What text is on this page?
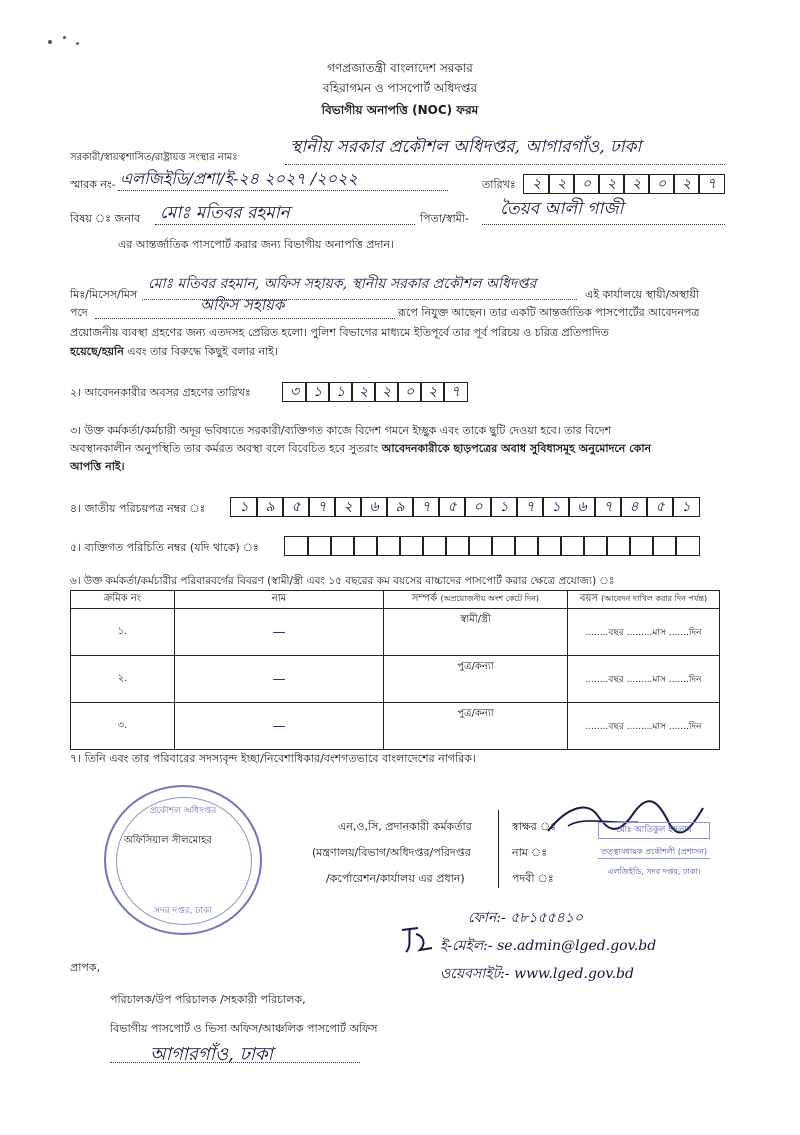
গণপ্রজাতন্ত্রী বাংলাদেশ সরকার
বহিরাগমন ও পাসপোর্ট অধিদপ্তর
বিভাগীয় অনাপত্তি (NOC) ফরম
সরকারী/স্বায়ত্বশাসিত/রাষ্ট্রায়ত্ত সংস্থার নামঃ
স্থানীয় সরকার প্রকৌশল অধিদপ্তর, আগারগাঁও, ঢাকা
স্মারক নং- এলজিইডি/প্রশা/ই-২৪ ২০২৭ /২০২২	তারিখঃ	২	২	০	২	২	০	২	৭
বিষয় ঃ জনাব মোঃ মতিবর রহমান	পিতা/স্বামী- তৈয়ব আলী গাজী
এর আন্তর্জাতিক পাসপোর্ট করার জন্য বিভাগীয় অনাপত্তি প্রদান।
মিঃ/মিসেস/মিস
মোঃ মতিবর রহমান, অফিস সহায়ক, স্থানীয় সরকার প্রকৌশল অধিদপ্তর
এই কার্যালয়ে স্থায়ী/অস্থায়ী
পদে	অফিস সহায়ক	রূপে নিযুক্ত আছেন। তার একটি আন্তর্জাতিক পাসপোর্টের আবেদনপত্র
প্রয়োজনীয় ব্যবস্থা গ্রহণের জন্য এতদসহ প্রেরিত হলো। পুলিশ বিভাগের মাধ্যমে ইতিপূর্বে তার পূর্ব পরিচয় ও চরিত্র প্রতিপাদিত
হয়েছে/হয়নি এবং তার বিরুদ্ধে কিছুই বলার নাই।
২। আবেদনকারীর অবসর গ্রহণের তারিখঃ	৩ ১ ১ ২ ২ ০ ২ ৭
৩। উক্ত কর্মকর্তা/কর্মচারী অদূর ভবিষ্যতে সরকারী/ব্যক্তিগত কাজে বিদেশ গমনে ইচ্ছুক এবং তাকে ছুটি দেওয়া হবে। তার বিদেশ
অবস্থানকালীন অনুপস্থিতি তার কর্মরত অবস্থা বলে বিবেচিত হবে সুতরাং আবেদনকারীকে ছাড়পত্রের অবাধ সুবিধাসমূহ অনুমোদনে কোন
আপত্তি নাই।
৪। জাতীয় পরিচয়পত্র নম্বর ঃ	১	৯	৫	৭	২	৬	৯	৭	৫	০	১	৭	১	৬	৭	৪	৫	১
৫। ব্যক্তিগত পরিচিতি নম্বর (যদি থাকে) ঃ
৬। উক্ত কর্মকর্তা/কর্মচারীর পরিবারবর্গের বিবরণ (স্বামী/স্ত্রী এবং ১৫ বছরের কম বয়সের বাচ্চাদের পাসপোর্ট করার ক্ষেত্রে প্রযোজ্য) ঃ
ক্রমিক নং	নাম	সম্পর্ক (অপ্রয়োজনীয় অংশ কেটে দিন)	বয়স (আবেদন দাখিল করার দিন পর্যন্ত)
১.	—	স্বামী/স্ত্রী	........বছর .........মাস .......দিন
২.	—	পুত্র/কন্যা	........বছর .........মাস .......দিন
৩.	—	পুত্র/কন্যা	........বছর .........মাস .......দিন
৭। তিনি এবং তার পরিবারের সদস্যবৃন্দ ইচ্ছা/নিবেশাধিকার/বংশগতভাবে বাংলাদেশের নাগরিক।
প্রকৌশল অধিদপ্তর
সদর দপ্তর, ঢাকা
অফিসিয়াল সীলমোহর
এন,ও,সি, প্রদানকারী কর্মকর্তার
(মন্ত্রণালয়/বিভাগ/অধিদপ্তর/পরিদপ্তর
/কর্পোরেশন/কার্যালয় এর প্রধান)
স্বাক্ষর ঃ
নাম ঃ
পদবী ঃ
মোঃ আতিকুল ইসলাম
তত্ত্বাবধায়ক প্রকৌশলী (প্রশাসন)
এলজিইডি, সদর দপ্তর, ঢাকা।
ফোন:- ৫৮১৫৫৪১০
ই-মেইল:- se.admin@lged.gov.bd
ওয়েবসাইট:- www.lged.gov.bd
প্রাপক,
পরিচালক/উপ পরিচালক /সহকারী পরিচালক,
বিভাগীয় পাসপোর্ট ও ভিসা অফিস/আঞ্চলিক পাসপোর্ট অফিস
আগারগাঁও, ঢাকা
